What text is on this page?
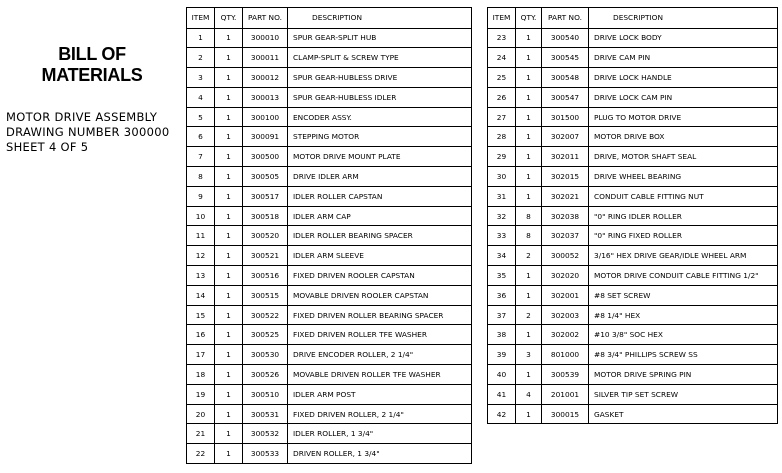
BILL OF
MATERIALS
MOTOR DRIVE ASSEMBLY
DRAWING NUMBER 300000
SHEET 4 OF 5
ITEM	QTY.	PART NO.	DESCRIPTION
1	1	300010	SPUR GEAR-SPLIT HUB
2	1	300011	CLAMP-SPLIT & SCREW TYPE
3	1	300012	SPUR GEAR-HUBLESS DRIVE
4	1	300013	SPUR GEAR-HUBLESS IDLER
5	1	300100	ENCODER ASSY.
6	1	300091	STEPPING MOTOR
7	1	300500	MOTOR DRIVE MOUNT PLATE
8	1	300505	DRIVE IDLER ARM
9	1	300517	IDLER ROLLER CAPSTAN
10	1	300518	IDLER ARM CAP
11	1	300520	IDLER ROLLER BEARING SPACER
12	1	300521	IDLER ARM SLEEVE
13	1	300516	FIXED DRIVEN ROOLER CAPSTAN
14	1	300515	MOVABLE DRIVEN ROOLER CAPSTAN
15	1	300522	FIXED DRIVEN ROLLER BEARING SPACER
16	1	300525	FIXED DRIVEN ROLLER TFE WASHER
17	1	300530	DRIVE ENCODER ROLLER, 2 1/4"
18	1	300526	MOVABLE DRIVEN ROLLER TFE WASHER
19	1	300510	IDLER ARM POST
20	1	300531	FIXED DRIVEN ROLLER, 2 1/4"
21	1	300532	IDLER ROLLER, 1 3/4"
22	1	300533	DRIVEN ROLLER, 1 3/4"
ITEM	QTY.	PART NO.	DESCRIPTION
23	1	300540	DRIVE LOCK BODY
24	1	300545	DRIVE CAM PIN
25	1	300548	DRIVE LOCK HANDLE
26	1	300547	DRIVE LOCK CAM PIN
27	1	301500	PLUG TO MOTOR DRIVE
28	1	302007	MOTOR DRIVE BOX
29	1	302011	DRIVE, MOTOR SHAFT SEAL
30	1	302015	DRIVE WHEEL BEARING
31	1	302021	CONDUIT CABLE FITTING NUT
32	8	302038	"0" RING IDLER ROLLER
33	8	302037	"0" RING FIXED ROLLER
34	2	300052	3/16" HEX DRIVE GEAR/IDLE WHEEL ARM
35	1	302020	MOTOR DRIVE CONDUIT CABLE FITTING 1/2"
36	1	302001	#8 SET SCREW
37	2	302003	#8 1/4" HEX
38	1	302002	#10 3/8" SOC HEX
39	3	801000	#8 3/4" PHILLIPS SCREW SS
40	1	300539	MOTOR DRIVE SPRING PIN
41	4	201001	SILVER TIP SET SCREW
42	1	300015	GASKET
